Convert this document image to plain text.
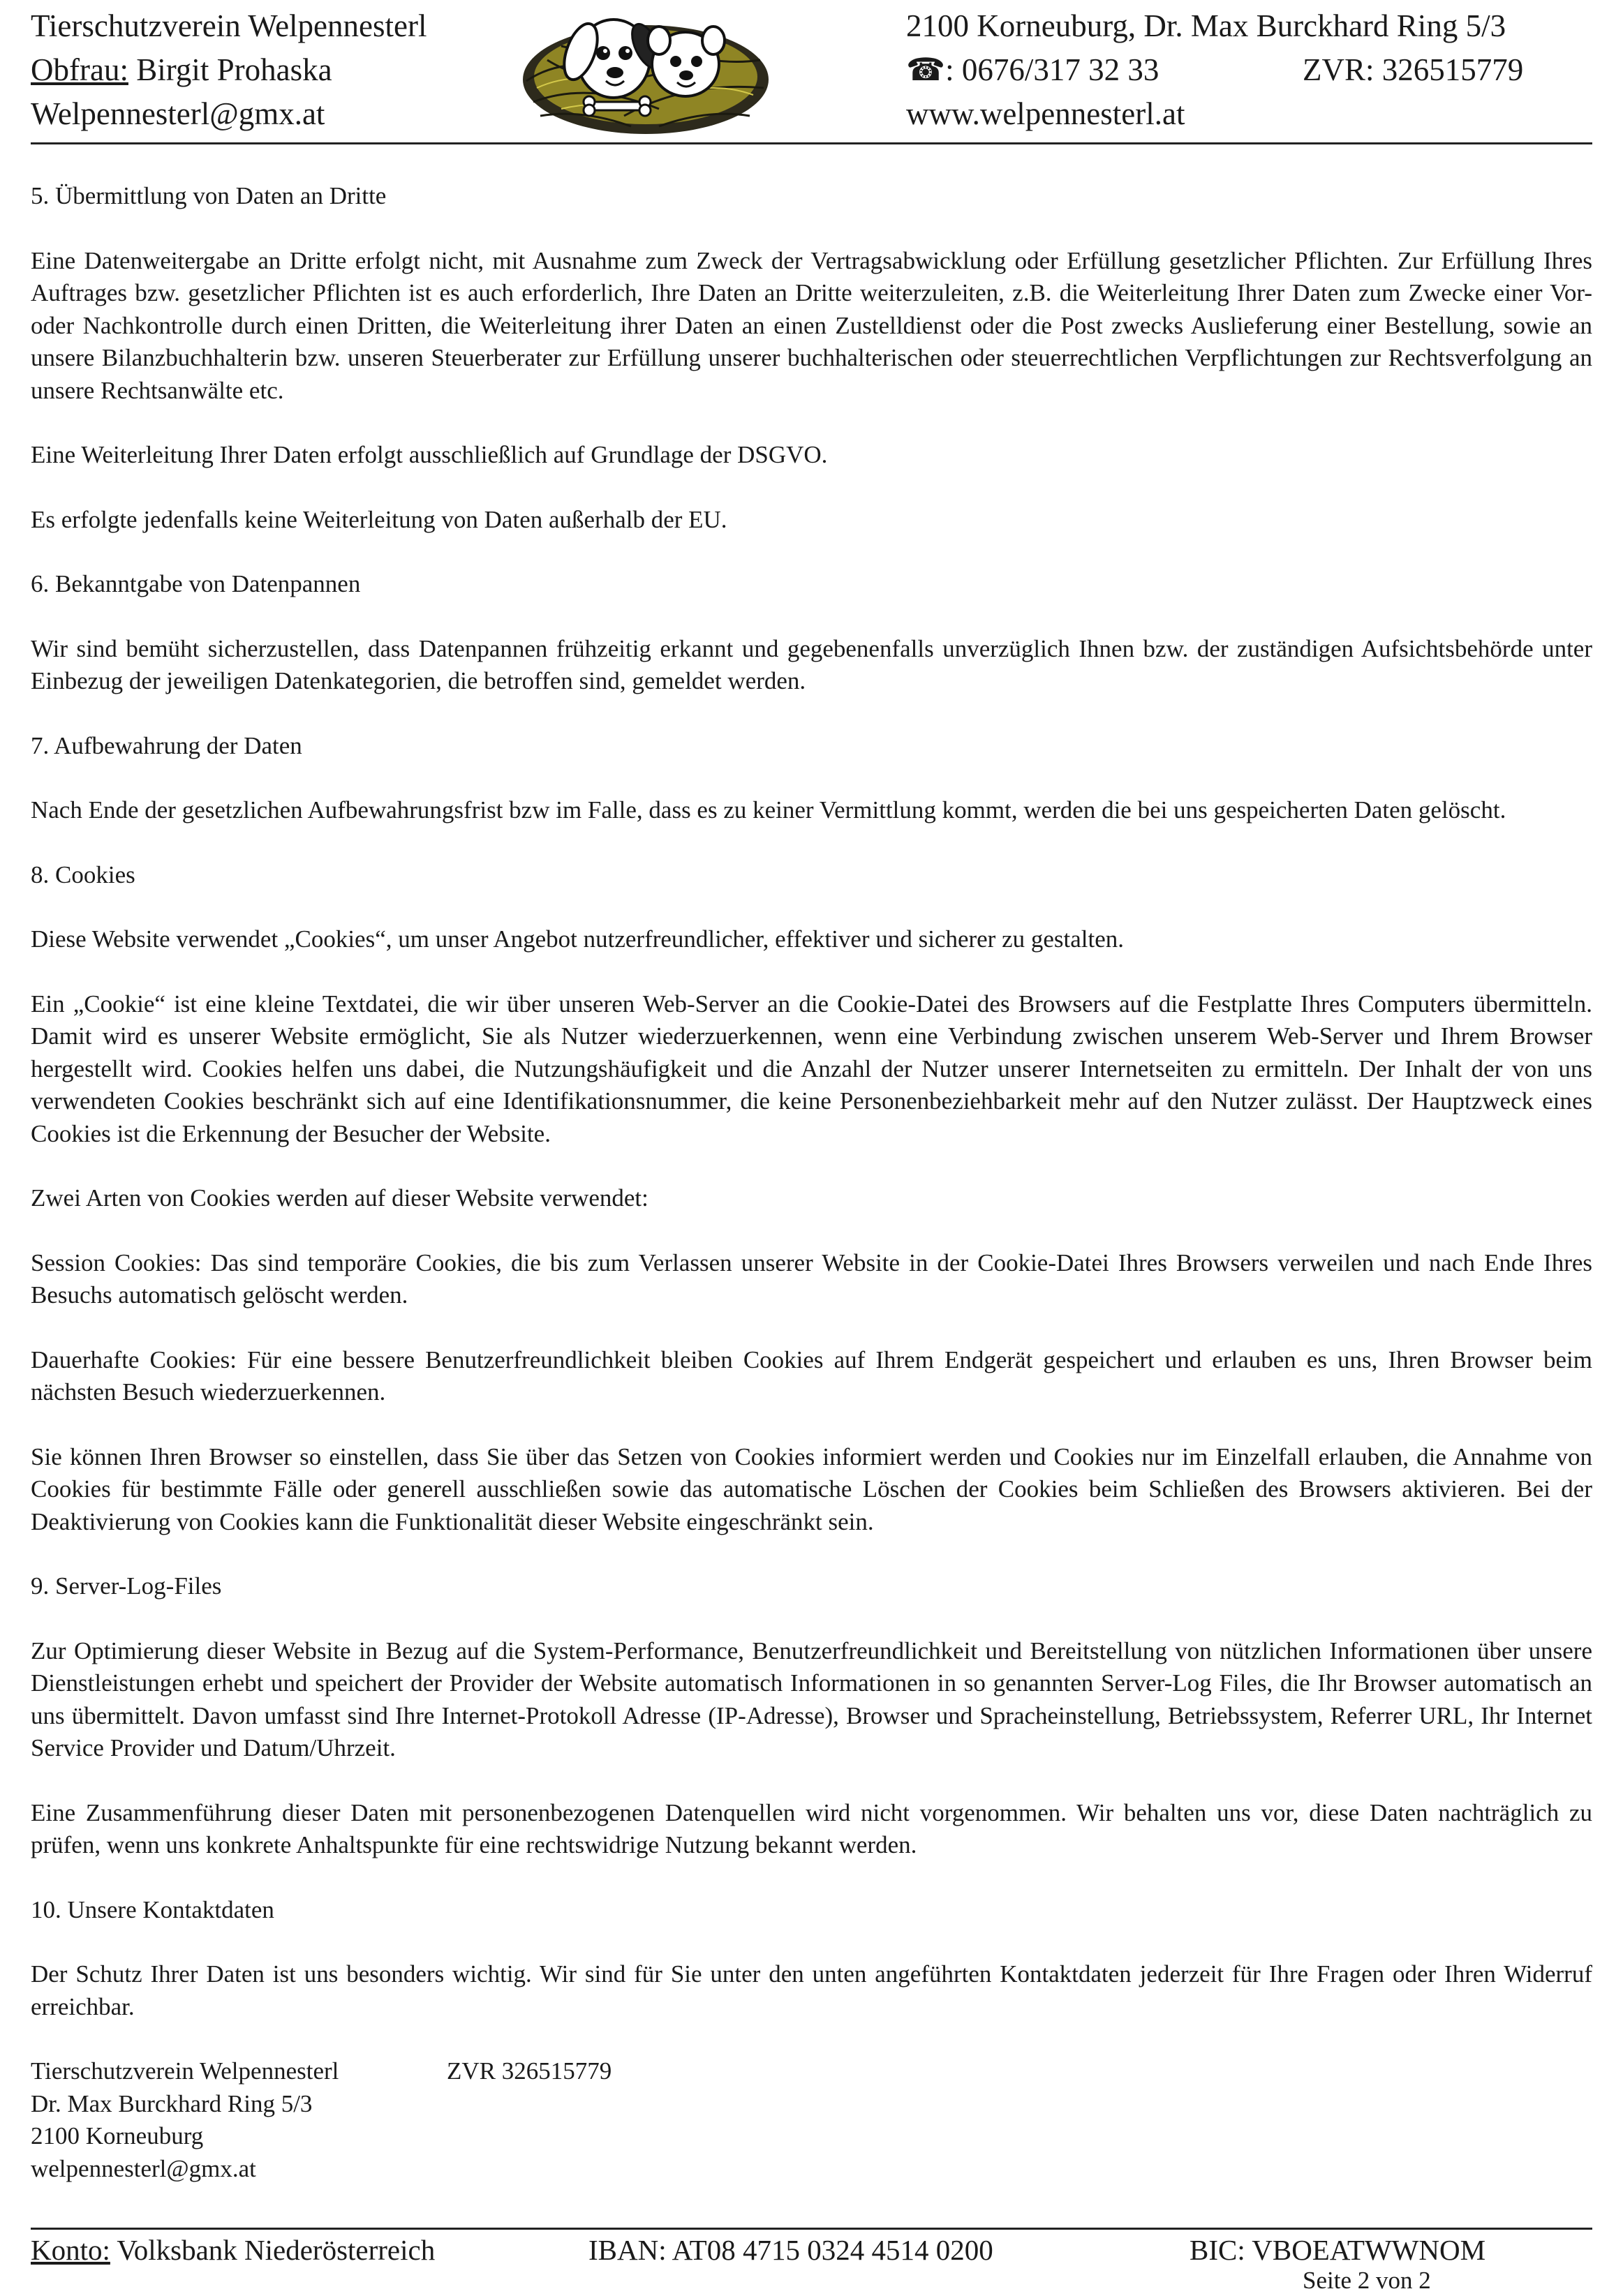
Tierschutzverein Welpennesterl
Obfrau: Birgit Prohaska
Welpennesterl@gmx.at
2100 Korneuburg, Dr. Max Burckhard Ring 5/3
☎: 0676/317 32 33	ZVR: 326515779
www.welpennesterl.at
5. Übermittlung von Daten an Dritte

Eine Datenweitergabe an Dritte erfolgt nicht, mit Ausnahme zum Zweck der Vertragsabwicklung oder Erfüllung gesetzlicher Pflichten. Zur Erfüllung Ihres Auftrages bzw. gesetzlicher Pflichten ist es auch erforderlich, Ihre Daten an Dritte weiterzuleiten, z.B. die Weiterleitung Ihrer Daten zum Zwecke einer Vor- oder Nachkontrolle durch einen Dritten, die Weiterleitung ihrer Daten an einen Zustelldienst oder die Post zwecks Auslieferung einer Bestellung, sowie an unsere Bilanzbuchhalterin bzw. unseren Steuerberater zur Erfüllung unserer buchhalterischen oder steuerrechtlichen Verpflichtungen zur Rechtsverfolgung an unsere Rechtsanwälte etc.

Eine Weiterleitung Ihrer Daten erfolgt ausschließlich auf Grundlage der DSGVO.

Es erfolgte jedenfalls keine Weiterleitung von Daten außerhalb der EU.

6. Bekanntgabe von Datenpannen

Wir sind bemüht sicherzustellen, dass Datenpannen frühzeitig erkannt und gegebenenfalls unverzüglich Ihnen bzw. der zuständigen Aufsichtsbehörde unter Einbezug der jeweiligen Datenkategorien, die betroffen sind, gemeldet werden.

7. Aufbewahrung der Daten

Nach Ende der gesetzlichen Aufbewahrungsfrist bzw im Falle, dass es zu keiner Vermittlung kommt, werden die bei uns gespeicherten Daten gelöscht.

8. Cookies

Diese Website verwendet „Cookies“, um unser Angebot nutzerfreundlicher, effektiver und sicherer zu gestalten.

Ein „Cookie“ ist eine kleine Textdatei, die wir über unseren Web-Server an die Cookie-Datei des Browsers auf die Festplatte Ihres Computers übermitteln. Damit wird es unserer Website ermöglicht, Sie als Nutzer wiederzuerkennen, wenn eine Verbindung zwischen unserem Web-Server und Ihrem Browser hergestellt wird. Cookies helfen uns dabei, die Nutzungshäufigkeit und die Anzahl der Nutzer unserer Internetseiten zu ermitteln. Der Inhalt der von uns verwendeten Cookies beschränkt sich auf eine Identifikationsnummer, die keine Personenbeziehbarkeit mehr auf den Nutzer zulässt. Der Hauptzweck eines Cookies ist die Erkennung der Besucher der Website.

Zwei Arten von Cookies werden auf dieser Website verwendet:

Session Cookies: Das sind temporäre Cookies, die bis zum Verlassen unserer Website in der Cookie-Datei Ihres Browsers verweilen und nach Ende Ihres Besuchs automatisch gelöscht werden.

Dauerhafte Cookies: Für eine bessere Benutzerfreundlichkeit bleiben Cookies auf Ihrem Endgerät gespeichert und erlauben es uns, Ihren Browser beim nächsten Besuch wiederzuerkennen.

Sie können Ihren Browser so einstellen, dass Sie über das Setzen von Cookies informiert werden und Cookies nur im Einzelfall erlauben, die Annahme von Cookies für bestimmte Fälle oder generell ausschließen sowie das automatische Löschen der Cookies beim Schließen des Browsers aktivieren. Bei der Deaktivierung von Cookies kann die Funktionalität dieser Website eingeschränkt sein.

9. Server-Log-Files

Zur Optimierung dieser Website in Bezug auf die System-Performance, Benutzerfreundlichkeit und Bereitstellung von nützlichen Informationen über unsere Dienstleistungen erhebt und speichert der Provider der Website automatisch Informationen in so genannten Server-Log Files, die Ihr Browser automatisch an uns übermittelt. Davon umfasst sind Ihre Internet-Protokoll Adresse (IP-Adresse), Browser und Spracheinstellung, Betriebssystem, Referrer URL, Ihr Internet Service Provider und Datum/Uhrzeit.

Eine Zusammenführung dieser Daten mit personenbezogenen Datenquellen wird nicht vorgenommen. Wir behalten uns vor, diese Daten nachträglich zu prüfen, wenn uns konkrete Anhaltspunkte für eine rechtswidrige Nutzung bekannt werden.

10. Unsere Kontaktdaten

Der Schutz Ihrer Daten ist uns besonders wichtig. Wir sind für Sie unter den unten angeführten Kontaktdaten jederzeit für Ihre Fragen oder Ihren Widerruf erreichbar.

Tierschutzverein Welpennesterl	ZVR 326515779
Dr. Max Burckhard Ring 5/3
2100 Korneuburg
welpennesterl@gmx.at
Konto: Volksbank Niederösterreich	IBAN: AT08 4715 0324 4514 0200	BIC: VBOEATWWNOM
Seite 2 von 2
